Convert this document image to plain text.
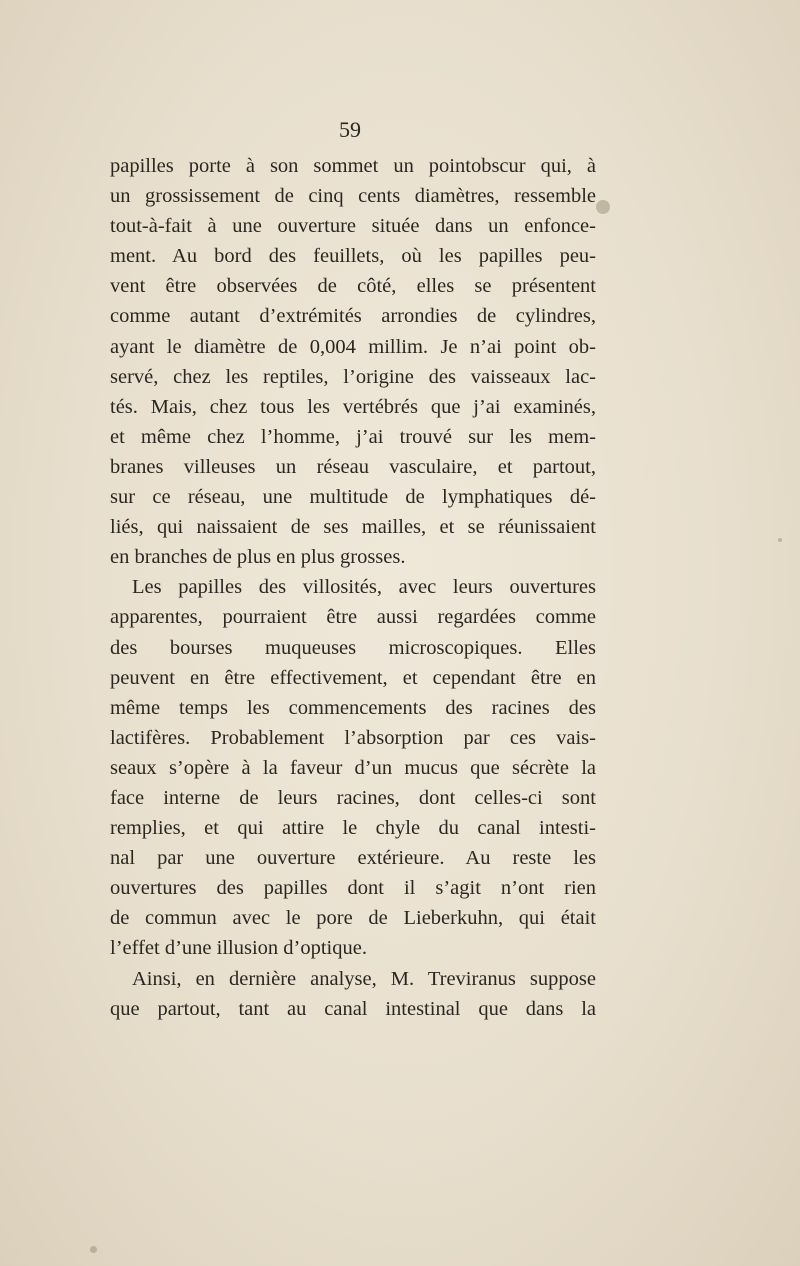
59

papilles porte à son sommet un pointobscur qui, à
un grossissement de cinq cents diamètres, ressemble
tout-à-fait à une ouverture située dans un enfonce-
ment. Au bord des feuillets, où les papilles peu-
vent être observées de côté, elles se présentent
comme autant d’extrémités arrondies de cylindres,
ayant le diamètre de 0,004 millim. Je n’ai point ob-
servé, chez les reptiles, l’origine des vaisseaux lac-
tés. Mais, chez tous les vertébrés que j’ai examinés,
et même chez l’homme, j’ai trouvé sur les mem-
branes villeuses un réseau vasculaire, et partout,
sur ce réseau, une multitude de lymphatiques dé-
liés, qui naissaient de ses mailles, et se réunissaient
en branches de plus en plus grosses.
Les papilles des villosités, avec leurs ouvertures
apparentes, pourraient être aussi regardées comme
des bourses muqueuses microscopiques. Elles
peuvent en être effectivement, et cependant être en
même temps les commencements des racines des
lactifères. Probablement l’absorption par ces vais-
seaux s’opère à la faveur d’un mucus que sécrète la
face interne de leurs racines, dont celles-ci sont
remplies, et qui attire le chyle du canal intesti-
nal par une ouverture extérieure. Au reste les
ouvertures des papilles dont il s’agit n’ont rien
de commun avec le pore de Lieberkuhn, qui était
l’effet d’une illusion d’optique.
Ainsi, en dernière analyse, M. Treviranus suppose
que partout, tant au canal intestinal que dans la
